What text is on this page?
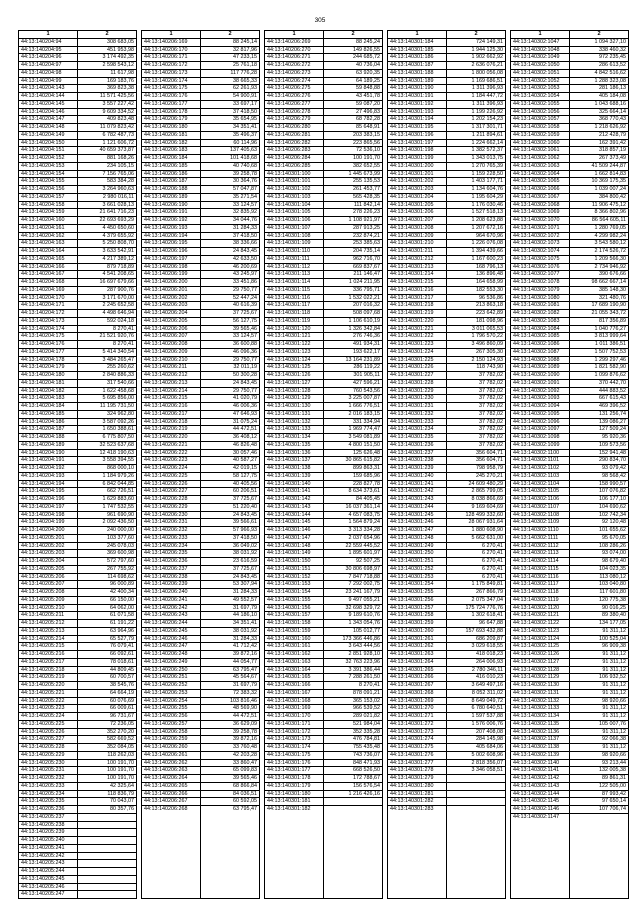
305
1
44:13:140204:94
44:13:140204:95
44:13:140204:96
44:13:140204:97
44:13:140204:98
44:13:140204:99
44:13:140204:143
44:13:140204:144
44:13:140204:145
44:13:140204:146
44:13:140204:147
44:13:140204:148
44:13:140204:149
44:13:140204:150
44:13:140204:151
44:13:140204:152
44:13:140204:153
44:13:140204:154
44:13:140204:155
44:13:140204:156
44:13:140204:157
44:13:140204:158
44:13:140204:159
44:13:140204:160
44:13:140204:161
44:13:140204:162
44:13:140204:163
44:13:140204:164
44:13:140204:165
44:13:140204:166
44:13:140204:167
44:13:140204:168
44:13:140204:169
44:13:140204:170
44:13:140204:171
44:13:140204:172
44:13:140204:173
44:13:140204:174
44:13:140204:175
44:13:140204:176
44:13:140204:177
44:13:140204:178
44:13:140204:179
44:13:140204:180
44:13:140204:181
44:13:140204:182
44:13:140204:183
44:13:140204:184
44:13:140204:185
44:13:140204:186
44:13:140204:187
44:13:140204:188
44:13:140204:189
44:13:140204:190
44:13:140204:191
44:13:140204:192
44:13:140204:193
44:13:140204:194
44:13:140204:195
44:13:140204:196
44:13:140204:197
44:13:140204:198
44:13:140204:199
44:13:140204:200
44:13:140205:201
44:13:140205:202
44:13:140205:203
44:13:140205:204
44:13:140205:205
44:13:140205:206
44:13:140205:207
44:13:140205:208
44:13:140205:209
44:13:140205:210
44:13:140205:211
44:13:140205:212
44:13:140205:213
44:13:140205:214
44:13:140205:215
44:13:140205:216
44:13:140205:217
44:13:140205:218
44:13:140205:219
44:13:140205:220
44:13:140205:221
44:13:140205:222
44:13:140205:223
44:13:140205:224
44:13:140205:225
44:13:140205:226
44:13:140205:227
44:13:140205:228
44:13:140205:229
44:13:140205:230
44:13:140205:231
44:13:140205:232
44:13:140205:233
44:13:140205:234
44:13:140205:235
44:13:140205:236
44:13:140205:237
44:13:140205:238
44:13:140205:239
44:13:140205:240
44:13:140205:241
44:13:140205:242
44:13:140205:243
44:13:140205:244
44:13:140205:245
44:13:140205:246
44:13:140205:247
2
308 683,05
451 953,98
3 174 492,35
2 598 543,12
11 617,98
169 183,76
369 823,38
11 571 425,56
3 557 227,42
9 609 334,52
409 823,48
11 079 823,42
6 782 487,73
1 121 606,72
40 659 373,87
881 168,26
234 105,15
7 156 765,06
583 384,28
3 264 960,63
2 980 016,11
3 661 028,13
21 641 716,23
22 693 693,29
4 450 650,60
4 379 655,92
5 250 808,70
3 633 542,91
4 217 389,12
879 718,89
4 541 208,65
16 697 679,66
287 900,76
3 171 670,00
2 245 652,58
4 498 646,94
592 024,18
8 270,41
21 521 920,76
8 270,41
5 414 340,54
3 484 265,47
255 260,62
2 840 886,33
317 540,66
1 622 458,68
5 695 856,00
11 195 731,50
324 962,80
3 587 092,26
1 650 388,61
6 775 807,50
32 523 637,68
12 418 190,63
3 558 394,55
868 000,10
1 184 979,26
6 842 044,85
662 726,51
1 629 883,60
1 747 532,55
961 690,90
2 092 436,50
240 000,00
103 377,60
245 078,03
369 600,98
572 797,60
267 755,92
114 698,62
96 000,89
42 400,34
66 150,00
64 062,00
61 071,58
61 191,22
63 964,96
65 527,79
76 079,41
66 092,61
78 018,61
44 809,45
60 700,57
38 545,76
64 664,19
60 076,69
66 009,61
96 731,67
72 236,05
352 270,20
582 669,52
352 084,05
118 262,03
100 191,70
100 191,70
100 191,70
42 325,64
118 836,79
70 043,07
80 357,76
1
44:13:140206:169
44:13:140206:170
44:13:140206:171
44:13:140206:172
44:13:140206:173
44:13:140206:174
44:13:140206:175
44:13:140206:176
44:13:140206:177
44:13:140206:178
44:13:140206:179
44:13:140206:180
44:13:140206:181
44:13:140206:182
44:13:140206:183
44:13:140206:184
44:13:140206:185
44:13:140206:186
44:13:140206:187
44:13:140206:188
44:13:140206:189
44:13:140206:190
44:13:140206:191
44:13:140206:192
44:13:140206:193
44:13:140206:194
44:13:140206:195
44:13:140206:196
44:13:140206:197
44:13:140206:198
44:13:140206:199
44:13:140206:200
44:13:140206:201
44:13:140206:202
44:13:140206:203
44:13:140206:204
44:13:140206:205
44:13:140206:206
44:13:140206:207
44:13:140206:208
44:13:140206:209
44:13:140206:210
44:13:140206:211
44:13:140206:212
44:13:140206:213
44:13:140206:214
44:13:140206:215
44:13:140206:216
44:13:140206:217
44:13:140206:218
44:13:140206:219
44:13:140206:220
44:13:140206:221
44:13:140206:222
44:13:140206:223
44:13:140206:224
44:13:140206:225
44:13:140206:226
44:13:140206:227
44:13:140206:228
44:13:140206:229
44:13:140206:230
44:13:140206:231
44:13:140206:232
44:13:140206:233
44:13:140206:234
44:13:140206:235
44:13:140206:236
44:13:140206:237
44:13:140206:238
44:13:140206:239
44:13:140206:240
44:13:140206:241
44:13:140206:242
44:13:140206:243
44:13:140206:244
44:13:140206:245
44:13:140206:246
44:13:140206:247
44:13:140206:248
44:13:140206:249
44:13:140206:250
44:13:140206:251
44:13:140206:252
44:13:140206:253
44:13:140206:254
44:13:140206:255
44:13:140206:256
44:13:140206:257
44:13:140206:258
44:13:140206:259
44:13:140206:260
44:13:140206:261
44:13:140206:262
44:13:140206:263
44:13:140206:264
44:13:140206:265
44:13:140206:266
44:13:140206:267
44:13:140206:268
2
88 245,14
32 817,96
47 233,15
25 761,18
117 776,28
38 665,33
62 261,93
54 900,91
33 697,17
37 418,50
35 654,95
34 351,41
35 496,37
60 114,96
137 405,63
101 418,68
40 740,68
39 258,78
30 364,76
57 047,87
35 271,54
33 124,57
32 835,92
34 044,76
31 284,33
37 418,50
38 336,66
24 843,45
42 633,50
46 200,69
43 245,97
33 451,86
29 750,77
52 447,24
40 616,39
37 725,67
56 127,75
39 565,46
33 124,57
36 600,88
46 096,36
29 750,77
32 011,19
50 300,28
24 843,45
29 750,77
41 020,79
46 006,36
47 646,93
31 075,24
44 472,51
36 408,12
46 826,48
30 057,46
40 587,27
42 019,15
58 127,75
40 405,56
60 206,51
37 725,67
51 220,40
24 843,45
39 566,61
57 966,93
37 418,50
36 049,02
38 031,92
23 616,59
37 725,67
24 843,45
53 307,94
31 284,33
49 552,57
31 697,79
44 186,10
34 351,41
38 031,92
31 284,33
41 712,42
39 872,16
44 054,77
63 795,47
45 564,67
31 697,79
72 383,32
103 816,46
48 569,90
44 472,51
36 629,09
39 258,78
39 872,16
33 760,48
42 203,28
33 860,47
65 099,83
39 565,46
68 866,84
84 036,51
60 592,05
63 795,47
1
44:13:140206:269
44:13:140206:270
44:13:140206:271
44:13:140206:272
44:13:140206:273
44:13:140206:274
44:13:140206:275
44:13:140206:276
44:13:140206:277
44:13:140206:278
44:13:140206:279
44:13:140206:280
44:13:140206:281
44:13:140206:282
44:13:140206:283
44:13:140206:284
44:13:140206:285
44:13:140301:100
44:13:140301:101
44:13:140301:102
44:13:140301:103
44:13:140301:104
44:13:140301:105
44:13:140301:106
44:13:140301:107
44:13:140301:108
44:13:140301:109
44:13:140301:110
44:13:140301:111
44:13:140301:112
44:13:140301:113
44:13:140301:114
44:13:140301:115
44:13:140301:116
44:13:140301:117
44:13:140301:118
44:13:140301:119
44:13:140301:120
44:13:140301:121
44:13:140301:122
44:13:140301:123
44:13:140301:124
44:13:140301:125
44:13:140301:126
44:13:140301:127
44:13:140301:128
44:13:140301:129
44:13:140301:130
44:13:140301:131
44:13:140301:132
44:13:140301:133
44:13:140301:134
44:13:140301:135
44:13:140301:136
44:13:140301:137
44:13:140301:138
44:13:140301:139
44:13:140301:140
44:13:140301:141
44:13:140301:142
44:13:140301:143
44:13:140301:144
44:13:140301:145
44:13:140301:146
44:13:140301:147
44:13:140301:148
44:13:140301:149
44:13:140301:150
44:13:140301:151
44:13:140301:152
44:13:140301:153
44:13:140301:154
44:13:140301:155
44:13:140301:156
44:13:140301:157
44:13:140301:158
44:13:140301:159
44:13:140301:160
44:13:140301:161
44:13:140301:162
44:13:140301:163
44:13:140301:164
44:13:140301:165
44:13:140301:166
44:13:140301:167
44:13:140301:168
44:13:140301:169
44:13:140301:170
44:13:140301:171
44:13:140301:172
44:13:140301:173
44:13:140301:174
44:13:140301:175
44:13:140301:176
44:13:140301:177
44:13:140301:178
44:13:140301:179
44:13:140301:180
44:13:140301:181
44:13:140301:182
2
88 245,24
149 826,55
244 685,72
40 736,04
63 920,35
64 189,25
59 848,88
43 451,78
59 087,20
27 496,83
68 782,28
85 648,91
203 383,15
223 865,56
72 536,10
100 191,70
382 652,55
1 445 673,99
255 135,53
261 453,77
565 428,35
111 842,14
278 226,23
1 108 921,97
287 913,25
232 874,21
253 385,63
204 735,14
962 716,70
669 837,67
211 146,47
1 024 211,95
336 795,71
1 532 022,21
207 016,32
508 097,68
1 106 610,19
1 326 342,84
276 746,36
491 934,31
193 622,17
13 164 231,89
286 119,22
301 905,11
427 596,21
760 543,56
3 225 007,87
1 666 776,51
2 016 183,15
331 334,94
1 969 774,47
3 549 081,89
4 800 151,50
125 626,48
30 865 615,82
899 863,31
159 685,96
228 827,78
8 634 373,61
84 405,45
16 037 361,14
4 657 083,75
1 564 879,24
3 313 334,28
2 037 654,96
22 559 445,52
1 895 601,97
92 507,25
30 806 698,97
7 847 718,88
7 292 002,75
23 241 167,79
9 497 055,21
32 698 329,72
9 189 610,76
1 343 054,76
105 012,77
173 366 446,86
3 643 444,56
2 851 928,10
32 763 223,96
3 391 386,44
7 288 261,50
8 270,41
878 091,21
365 153,02
966 539,52
289 021,82
521 984,04
352 335,28
476 784,81
755 435,48
743 736,07
848 471,93
668 526,50
172 788,67
156 576,54
1 216 426,16
1
44:13:140301:184
44:13:140301:185
44:13:140301:186
44:13:140301:187
44:13:140301:188
44:13:140301:189
44:13:140301:190
44:13:140301:191
44:13:140301:192
44:13:140301:193
44:13:140301:194
44:13:140301:195
44:13:140301:196
44:13:140301:197
44:13:140301:198
44:13:140301:199
44:13:140301:200
44:13:140301:201
44:13:140301:202
44:13:140301:203
44:13:140301:204
44:13:140301:205
44:13:140301:206
44:13:140301:207
44:13:140301:208
44:13:140301:209
44:13:140301:210
44:13:140301:211
44:13:140301:212
44:13:140301:213
44:13:140301:214
44:13:140301:215
44:13:140301:216
44:13:140301:217
44:13:140301:218
44:13:140301:219
44:13:140301:220
44:13:140301:221
44:13:140301:222
44:13:140301:223
44:13:140301:224
44:13:140301:225
44:13:140301:226
44:13:140301:227
44:13:140301:228
44:13:140301:229
44:13:140301:230
44:13:140301:231
44:13:140301:232
44:13:140301:233
44:13:140301:234
44:13:140301:235
44:13:140301:236
44:13:140301:237
44:13:140301:238
44:13:140301:239
44:13:140301:240
44:13:140301:241
44:13:140301:242
44:13:140301:243
44:13:140301:244
44:13:140301:245
44:13:140301:246
44:13:140301:247
44:13:140301:248
44:13:140301:249
44:13:140301:250
44:13:140301:251
44:13:140301:252
44:13:140301:253
44:13:140301:254
44:13:140301:255
44:13:140301:256
44:13:140301:257
44:13:140301:258
44:13:140301:259
44:13:140301:260
44:13:140301:261
44:13:140301:262
44:13:140301:263
44:13:140301:264
44:13:140301:265
44:13:140301:266
44:13:140301:267
44:13:140301:268
44:13:140301:269
44:13:140301:270
44:13:140301:271
44:13:140301:272
44:13:140301:273
44:13:140301:274
44:13:140301:275
44:13:140301:276
44:13:140301:277
44:13:140301:278
44:13:140301:279
44:13:140301:280
44:13:140301:281
44:13:140301:282
44:13:140301:283
2
724 149,31
1 944 125,30
1 902 662,92
2 636 076,21
1 800 056,08
1 169 686,51
1 311 396,93
1 184 447,72
1 311 396,93
1 199 226,92
1 202 154,23
1 317 301,71
1 211 894,61
1 224 662,14
1 382 572,37
1 343 013,75
1 270 765,39
1 159 228,50
1 403 177,71
1 134 604,76
1 195 604,29
1 176 030,46
1 527 518,13
1 208 623,88
1 207 672,16
964 670,96
1 226 076,08
1 394 439,66
1 167 600,23
168 796,13
136 896,48
164 658,99
182 553,30
96 536,86
213 863,18
223 642,89
181 098,96
3 011 065,53
1 796 570,22
3 496 860,09
267 305,30
2 150 124,93
118 743,90
37 782,02
37 782,02
37 782,02
37 782,02
37 782,02
37 782,02
37 782,02
37 782,02
37 782,02
37 782,02
356 604,71
356 604,71
798 958,79
245 270,21
24 609 480,29
2 865 799,05
8 038 866,69
9 169 604,69
128 499 332,60
28 067 931,64
1 880 608,90
5 662 631,00
6 270,41
6 270,41
6 270,41
6 270,41
6 270,41
1 175 849,81
267 866,79
2 075 347,04
175 724 776,76
1 302 618,41
96 647,88
157 693 432,88
686 209,87
3 029 618,55
418 018,23
264 006,93
2 780 346,11
416 010,23
3 649 497,16
8 052 311,02
8 649 049,72
6 780 640,51
1 597 537,88
1 576 006,76
207 408,08
284 145,98
405 684,06
5 002 608,96
2 818 356,07
3 346 058,51
1
44:13:140302:1047
44:13:140302:1048
44:13:140302:1049
44:13:140302:1050
44:13:140302:1051
44:13:140302:1052
44:13:140302:1053
44:13:140302:1054
44:13:140302:1055
44:13:140302:1056
44:13:140302:1057
44:13:140302:1058
44:13:140302:1059
44:13:140302:1060
44:13:140302:1061
44:13:140302:1062
44:13:140302:1063
44:13:140302:1064
44:13:140302:1065
44:13:140302:1066
44:13:140302:1067
44:13:140302:1068
44:13:140302:1069
44:13:140302:1070
44:13:140302:1071
44:13:140302:1072
44:13:140302:1073
44:13:140302:1074
44:13:140302:1075
44:13:140302:1076
44:13:140302:1077
44:13:140302:1078
44:13:140302:1079
44:13:140302:1080
44:13:140302:1081
44:13:140302:1082
44:13:140302:1083
44:13:140302:1084
44:13:140302:1085
44:13:140302:1086
44:13:140302:1087
44:13:140302:1088
44:13:140302:1089
44:13:140302:1090
44:13:140302:1091
44:13:140302:1092
44:13:140302:1093
44:13:140302:1094
44:13:140302:1095
44:13:140302:1096
44:13:140302:1097
44:13:140302:1098
44:13:140302:1099
44:13:140302:1100
44:13:140302:1101
44:13:140302:1102
44:13:140302:1103
44:13:140302:1104
44:13:140302:1105
44:13:140302:1106
44:13:140302:1107
44:13:140302:1108
44:13:140302:1109
44:13:140302:1110
44:13:140302:1111
44:13:140302:1112
44:13:140302:1113
44:13:140302:1114
44:13:140302:1115
44:13:140302:1116
44:13:140302:1117
44:13:140302:1118
44:13:140302:1119
44:13:140302:1120
44:13:140302:1121
44:13:140302:1122
44:13:140302:1123
44:13:140302:1124
44:13:140302:1125
44:13:140302:1126
44:13:140302:1127
44:13:140302:1128
44:13:140302:1129
44:13:140302:1130
44:13:140302:1131
44:13:140302:1132
44:13:140302:1133
44:13:140302:1134
44:13:140302:1135
44:13:140302:1136
44:13:140302:1137
44:13:140302:1138
44:13:140302:1139
44:13:140302:1140
44:13:140302:1141
44:13:140302:1142
44:13:140302:1143
44:13:140302:1144
44:13:140302:1145
44:13:140302:1146
44:13:140302:1147
2
1 094 327,10
338 460,32
972 235,45
286 613,52
4 842 516,62
1 288 323,08
281 186,13
405 184,08
1 043 688,16
325 664,14
368 770,43
1 218 626,92
212 428,79
162 391,42
318 857,19
267 373,49
41 509 244,87
1 662 814,83
10 369 175,35
1 039 007,24
384 800,42
11 906 475,12
8 366 802,96
86 564 605,11
1 280 769,05
4 299 982,24
3 543 580,12
2 174 526,72
1 209 566,30
2 734 946,92
390 676,66
98 662 667,14
385 148,30
321 480,76
17 689 190,90
21 055 343,72
817 356,89
1 040 776,27
3 813 999,64
1 011 386,51
1 507 752,53
1 299 297,46
1 821 582,90
1 099 876,62
370 442,70
444 883,52
667 615,43
469 396,52
131 256,74
139 086,27
127 509,24
95 920,36
109 573,56
152 941,48
290 834,70
93 079,42
98 568,42
158 990,57
107 076,82
106 177,10
104 690,62
102 742,34
92 120,48
101 655,62
95 670,05
108 286,26
93 074,00
98 679,40
104 023,35
113 080,12
103 040,80
117 601,80
120 775,38
90 016,25
89 380,40
134 177,05
91 311,12
100 525,04
96 909,38
91 311,12
91 311,12
91 311,12
106 932,52
91 311,12
91 311,12
98 920,66
91 311,12
91 311,12
105 007,76
91 311,12
92 066,38
91 311,12
98 920,66
93 213,44
132 005,38
89 861,31
122 505,00
87 993,42
97 650,14
107 706,74
